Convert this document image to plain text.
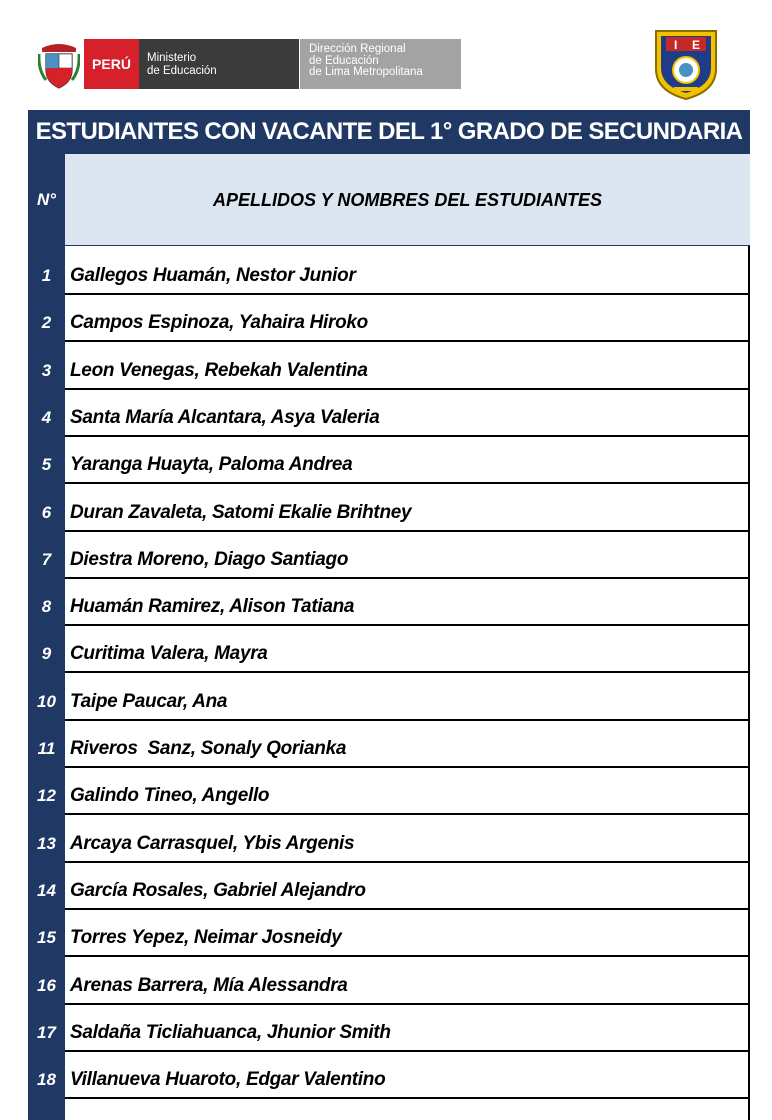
PERÚ	Ministerio
de Educación
Dirección Regional
de Educación
de Lima Metropolitana
I E
ESTUDIANTES CON VACANTE DEL 1° GRADO DE SECUNDARIA
N°	APELLIDOS Y NOMBRES DEL ESTUDIANTES
1 Gallegos Huamán, Nestor Junior
2 Campos Espinoza, Yahaira Hiroko
3 Leon Venegas, Rebekah Valentina
4 Santa María Alcantara, Asya Valeria
5 Yaranga Huayta, Paloma Andrea
6 Duran Zavaleta, Satomi Ekalie Brihtney
7 Diestra Moreno, Diago Santiago
8 Huamán Ramirez, Alison Tatiana
9 Curitima Valera, Mayra
10 Taipe Paucar, Ana
11 Riveros  Sanz, Sonaly Qorianka
12 Galindo Tineo, Angello
13 Arcaya Carrasquel, Ybis Argenis
14 García Rosales, Gabriel Alejandro
15 Torres Yepez, Neimar Josneidy
16 Arenas Barrera, Mía Alessandra
17 Saldaña Ticliahuanca, Jhunior Smith
18 Villanueva Huaroto, Edgar Valentino
